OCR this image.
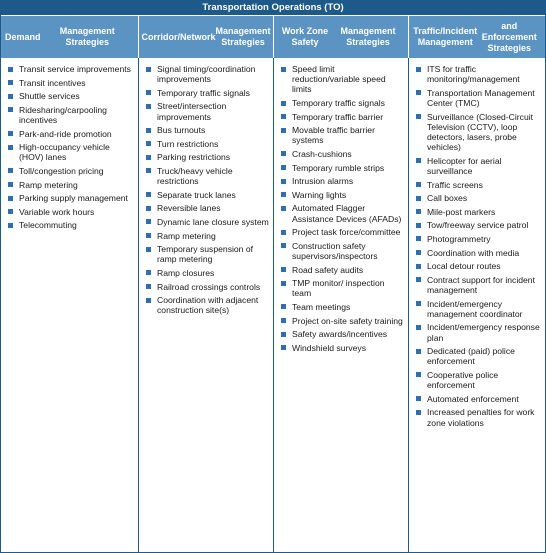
Transportation Operations (TO)
Demand

Management Strategies
Corridor/Network

Management Strategies
Work Zone Safety

Management Strategies
Traffic/Incident Management

and Enforcement Strategies
Transit service improvements
Transit incentives
Shuttle services
Ridesharing/carpooling incentives
Park-and-ride promotion
High-occupancy vehicle (HOV) lanes
Toll/congestion pricing
Ramp metering
Parking supply management
Variable work hours
Telecommuting
Signal timing/coordination improvements
Temporary traffic signals
Street/intersection improvements
Bus turnouts
Turn restrictions
Parking restrictions
Truck/heavy vehicle restrictions
Separate truck lanes
Reversible lanes
Dynamic lane closure system
Ramp metering
Temporary suspension of ramp metering
Ramp closures
Railroad crossings controls
Coordination with adjacent construction site(s)
Speed limit reduction/variable speed limits
Temporary traffic signals
Temporary traffic barrier
Movable traffic barrier systems
Crash-cushions
Temporary rumble strips
Intrusion alarms
Warning lights
Automated Flagger Assistance Devices (AFADs)
Project task force/committee
Construction safety supervisors/inspectors
Road safety audits
TMP monitor/ inspection team
Team meetings
Project on-site safety training
Safety awards/incentives
Windshield surveys
ITS for traffic monitoring/management
Transportation Management Center (TMC)
Surveillance (Closed-Circuit Television (CCTV), loop detectors, lasers, probe vehicles)
Helicopter for aerial surveillance
Traffic screens
Call boxes
Mile-post markers
Tow/freeway service patrol
Photogrammetry
Coordination with media
Local detour routes
Contract support for incident management
Incident/emergency management coordinator
Incident/emergency response plan
Dedicated (paid) police enforcement
Cooperative police enforcement
Automated enforcement
Increased penalties for work zone violations
